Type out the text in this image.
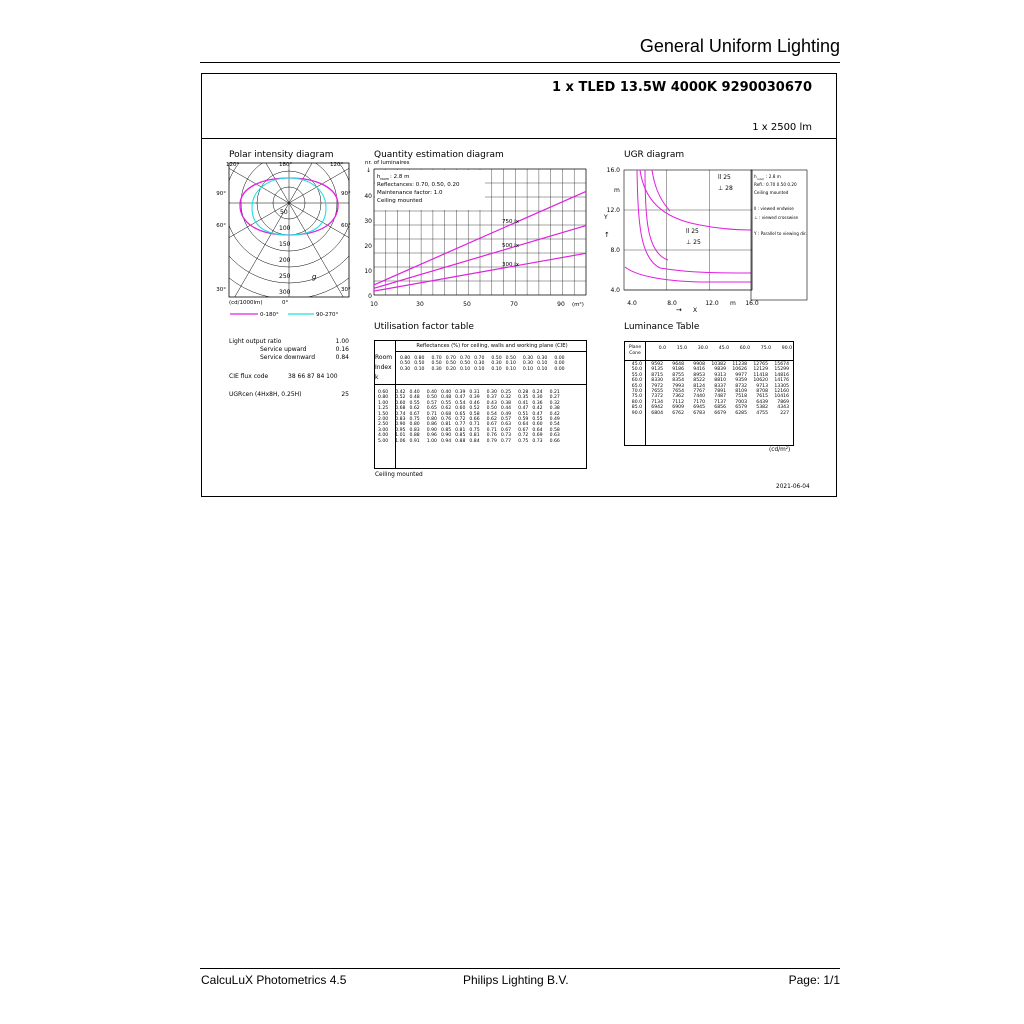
General Uniform Lighting
1 x TLED 13.5W 4000K 9290030670
1 x 2500 lm
Polar intensity diagram
120°	180°	120°
90°	90°
60°	60°
30°	30°
0°
(cd/1000lm)
50
100
150
200
250
300
g
0-180°	90-270°
Light output ratio	1.00
Service upward	0.16
Service downward	0.84
CIE flux code	38 66 87 84 100
UGRcen (4Hx8H, 0.25H)	25
Quantity estimation diagram
nr. of luminaires
↓
0
10
20
30
40
10	30	50	70	90 (m²)
h room : 2.8 m
Reflectances: 0.70, 0.50, 0.20
Maintenance factor: 1.0
Ceiling mounted
750 lx
500 lx
300 lx
UGR diagram
16.0
12.0
8.0
4.0
m
Y
↑
4.0	8.0	12.0	16.0
m
→ X
ll 25
⊥ 28
ll 25
⊥ 25
h room : 2.8 m
Refl.: 0.70 0.50 0.20
Ceiling mounted
ll : viewed endwise
⊥ : viewed crosswise
Y : Parallel to viewing dir.
Utilisation factor table
Reflectances (%) for ceiling, walls and working plane (CIE)
Room
Index
k
0.80	0.80	0.70	0.70	0.70	0.70	0.50	0.50	0.30	0.30	0.00
0.50	0.50	0.50	0.50	0.50	0.30	0.30	0.10	0.30	0.10	0.00
0.30	0.10	0.30	0.20	0.10	0.10	0.10	0.10	0.10	0.10	0.00
0.60	0.42	0.40	0.40	0.40	0.39	0.31	0.30	0.25	0.28	0.24	0.21
0.80	0.52	0.48	0.50	0.48	0.47	0.39	0.37	0.32	0.35	0.30	0.27
1.00	0.60	0.55	0.57	0.55	0.54	0.46	0.43	0.38	0.41	0.36	0.32
1.25	0.68	0.62	0.65	0.62	0.60	0.52	0.50	0.44	0.47	0.42	0.38
1.50	0.74	0.67	0.71	0.68	0.65	0.58	0.54	0.49	0.51	0.47	0.42
2.00	0.83	0.75	0.80	0.76	0.72	0.66	0.62	0.57	0.59	0.55	0.49
2.50	0.90	0.80	0.86	0.81	0.77	0.71	0.67	0.63	0.64	0.60	0.54
3.00	0.95	0.83	0.90	0.85	0.81	0.75	0.71	0.67	0.67	0.64	0.58
4.00	1.01	0.88	0.96	0.90	0.85	0.81	0.76	0.73	0.72	0.69	0.63
5.00	1.06	0.91	1.00	0.94	0.88	0.84	0.79	0.77	0.75	0.73	0.66
Ceiling mounted
Luminance Table
Plane
Cone
0.0	15.0	30.0	45.0	60.0	75.0	90.0
45.0	9592	9648	9908	10382	11238	12765	15674
50.0	9135	9186	9416	9839	10626	12129	15299
55.0	8715	8755	8953	9313	9977	11418	14816
60.0	8330	8354	8522	8810	9359	10620	14176
65.0	7972	7993	8124	8337	8732	9713	13305
70.0	7655	7654	7767	7891	8109	8708	12160
75.0	7372	7362	7440	7487	7518	7615	10416
80.0	7134	7112	7170	7137	7003	6439	7869
85.0	6942	6909	6945	6856	6579	5382	4343
90.0	6804	6762	6783	6679	6285	4755	227
(cd/m²)
2021-06-04
CalcuLuX Photometrics 4.5	Philips Lighting B.V.	Page: 1/1
